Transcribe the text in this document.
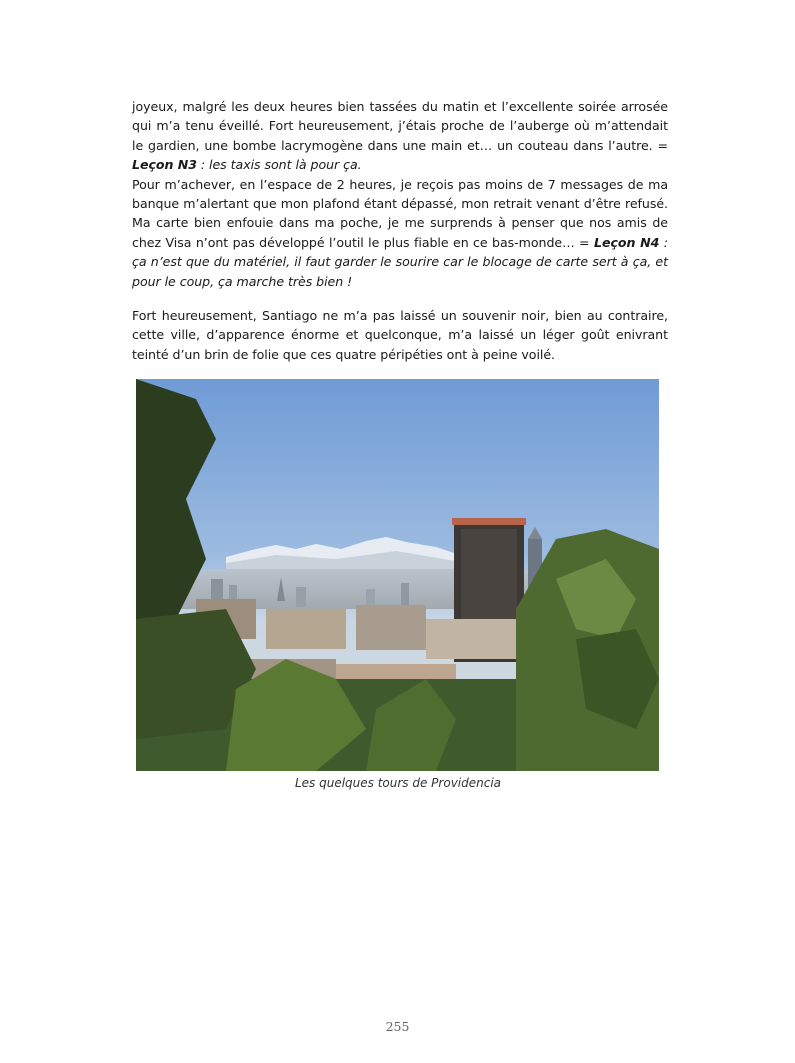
joyeux, malgré les deux heures bien tassées du matin et l’excellente soirée arrosée qui m’a tenu éveillé. Fort heureusement, j’étais proche de l’auberge où m’attendait le gardien, une bombe lacrymogène dans une main et… un couteau dans l’autre. = Leçon N3 : les taxis sont là pour ça.

Pour m’achever, en l’espace de 2 heures, je reçois pas moins de 7 messages de ma banque m’alertant que mon plafond étant dépassé, mon retrait venant d’être refusé. Ma carte bien enfouie dans ma poche, je me surprends à penser que nos amis de chez Visa n’ont pas développé l’outil le plus fiable en ce bas-monde… = Leçon N4 : ça n’est que du matériel, il faut garder le sourire car le blocage de carte sert à ça, et pour le coup, ça marche très bien !

Fort heureusement, Santiago ne m’a pas laissé un souvenir noir, bien au contraire, cette ville, d’apparence énorme et quelconque, m’a laissé un léger goût enivrant teinté d’un brin de folie que ces quatre péripéties ont à peine voilé.

Les quelques tours de Providencia
255
